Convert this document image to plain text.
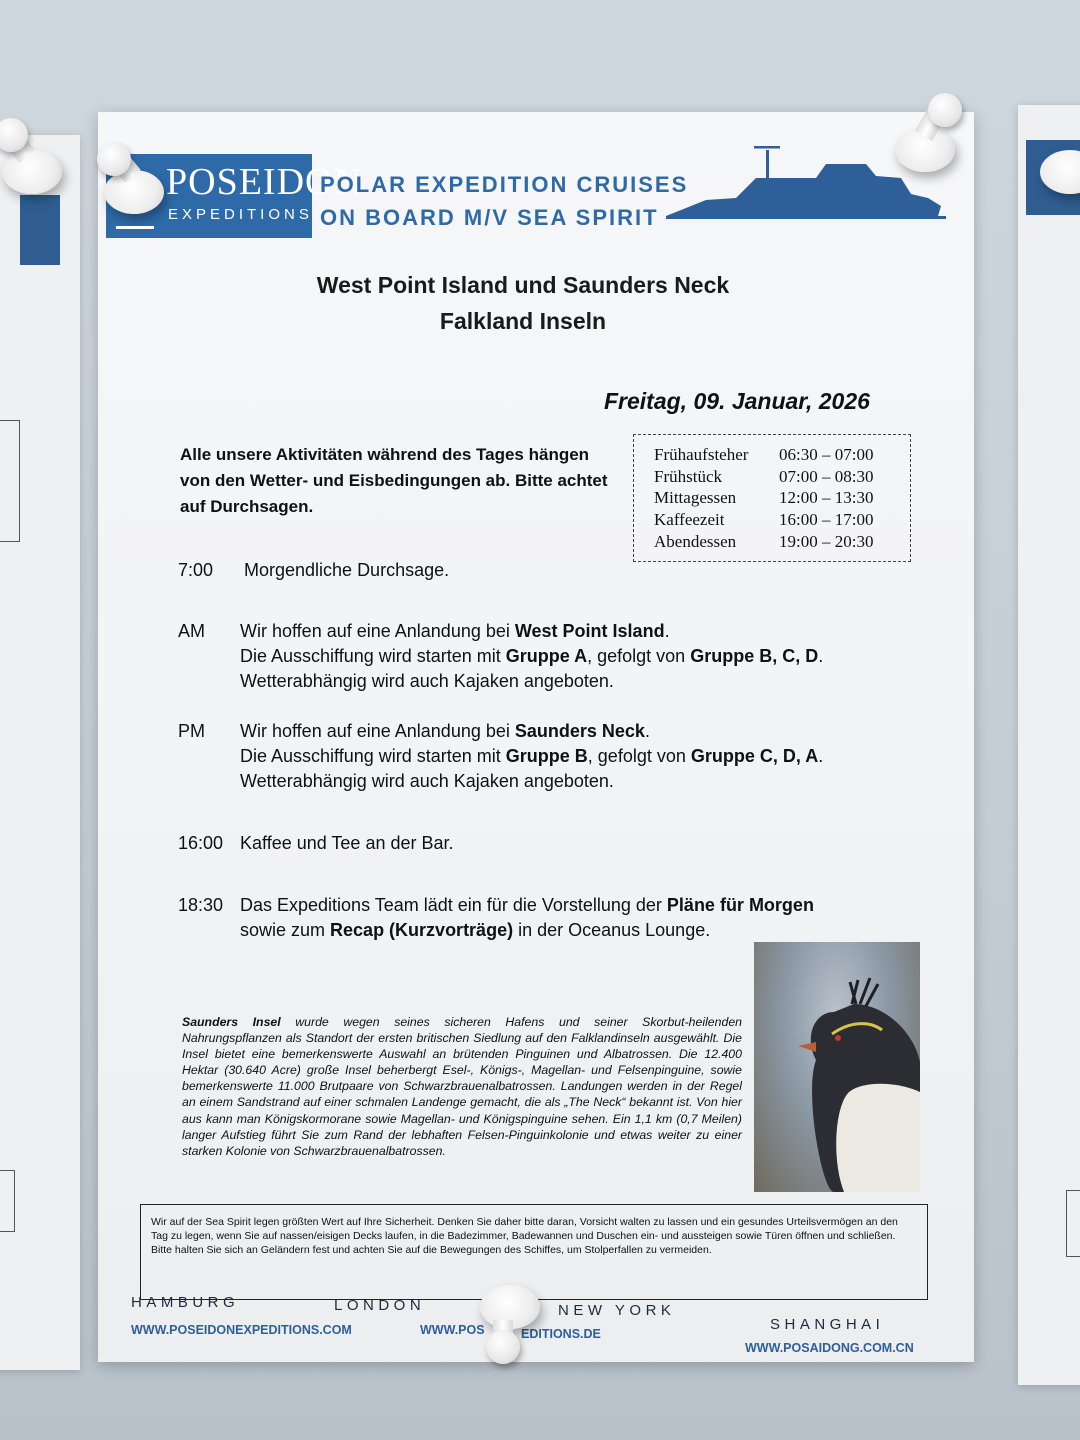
POSEIDON
EXPEDITIONS
POLAR EXPEDITION CRUISES
ON BOARD M/V SEA SPIRIT
West Point Island und Saunders Neck
Falkland Inseln
Freitag, 09. Januar, 2026
Alle unsere Aktivitäten während des Tages hängen von den Wetter- und Eisbedingungen ab. Bitte achtet auf Durchsagen.
Frühaufsteher	06:30 – 07:00
Frühstück	07:00 – 08:30
Mittagessen	12:00 – 13:30
Kaffeezeit	16:00 – 17:00
Abendessen	19:00 – 20:30
7:00 Morgendliche Durchsage.
AM Wir hoffen auf eine Anlandung bei West Point Island.
Die Ausschiffung wird starten mit Gruppe A, gefolgt von Gruppe B, C, D.
Wetterabhängig wird auch Kajaken angeboten.
PM Wir hoffen auf eine Anlandung bei Saunders Neck.
Die Ausschiffung wird starten mit Gruppe B, gefolgt von Gruppe C, D, A.
Wetterabhängig wird auch Kajaken angeboten.
16:00 Kaffee und Tee an der Bar.
18:30 Das Expeditions Team lädt ein für die Vorstellung der Pläne für Morgen
sowie zum Recap (Kurzvorträge) in der Oceanus Lounge.
Saunders Insel wurde wegen seines sicheren Hafens und seiner Skorbut-heilenden Nahrungspflanzen als Standort der ersten britischen Siedlung auf den Falklandinseln ausgewählt. Die Insel bietet eine bemerkenswerte Auswahl an brütenden Pinguinen und Albatrossen. Die 12.400 Hektar (30.640 Acre) große Insel beherbergt Esel-, Königs-, Magellan- und Felsenpinguine, sowie bemerkenswerte 11.000 Brutpaare von Schwarzbrauenalbatrossen. Landungen werden in der Regel an einem Sandstrand auf einer schmalen Landenge gemacht, die als „The Neck“ bekannt ist. Von hier aus kann man Königskormorane sowie Magellan- und Königspinguine sehen. Ein 1,1 km (0,7 Meilen) langer Aufstieg führt Sie zum Rand der lebhaften Felsen-Pinguinkolonie und etwas weiter zu einer starken Kolonie von Schwarzbrauenalbatrossen.
Wir auf der Sea Spirit legen größten Wert auf Ihre Sicherheit. Denken Sie daher bitte daran, Vorsicht walten zu lassen und ein gesundes Urteilsvermögen an den Tag zu legen, wenn Sie auf nassen/eisigen Decks laufen, in die Badezimmer, Badewannen und Duschen ein- und aussteigen sowie Türen öffnen und schließen. Bitte halten Sie sich an Geländern fest und achten Sie auf die Bewegungen des Schiffes, um Stolperfallen zu vermeiden.
HAMBURG	LONDON	NEW YORK
SHANGHAI
WWW.POSEIDONEXPEDITIONS.COM	WWW.POS	EDITIONS.DE
WWW.POSAIDONG.COM.CN
